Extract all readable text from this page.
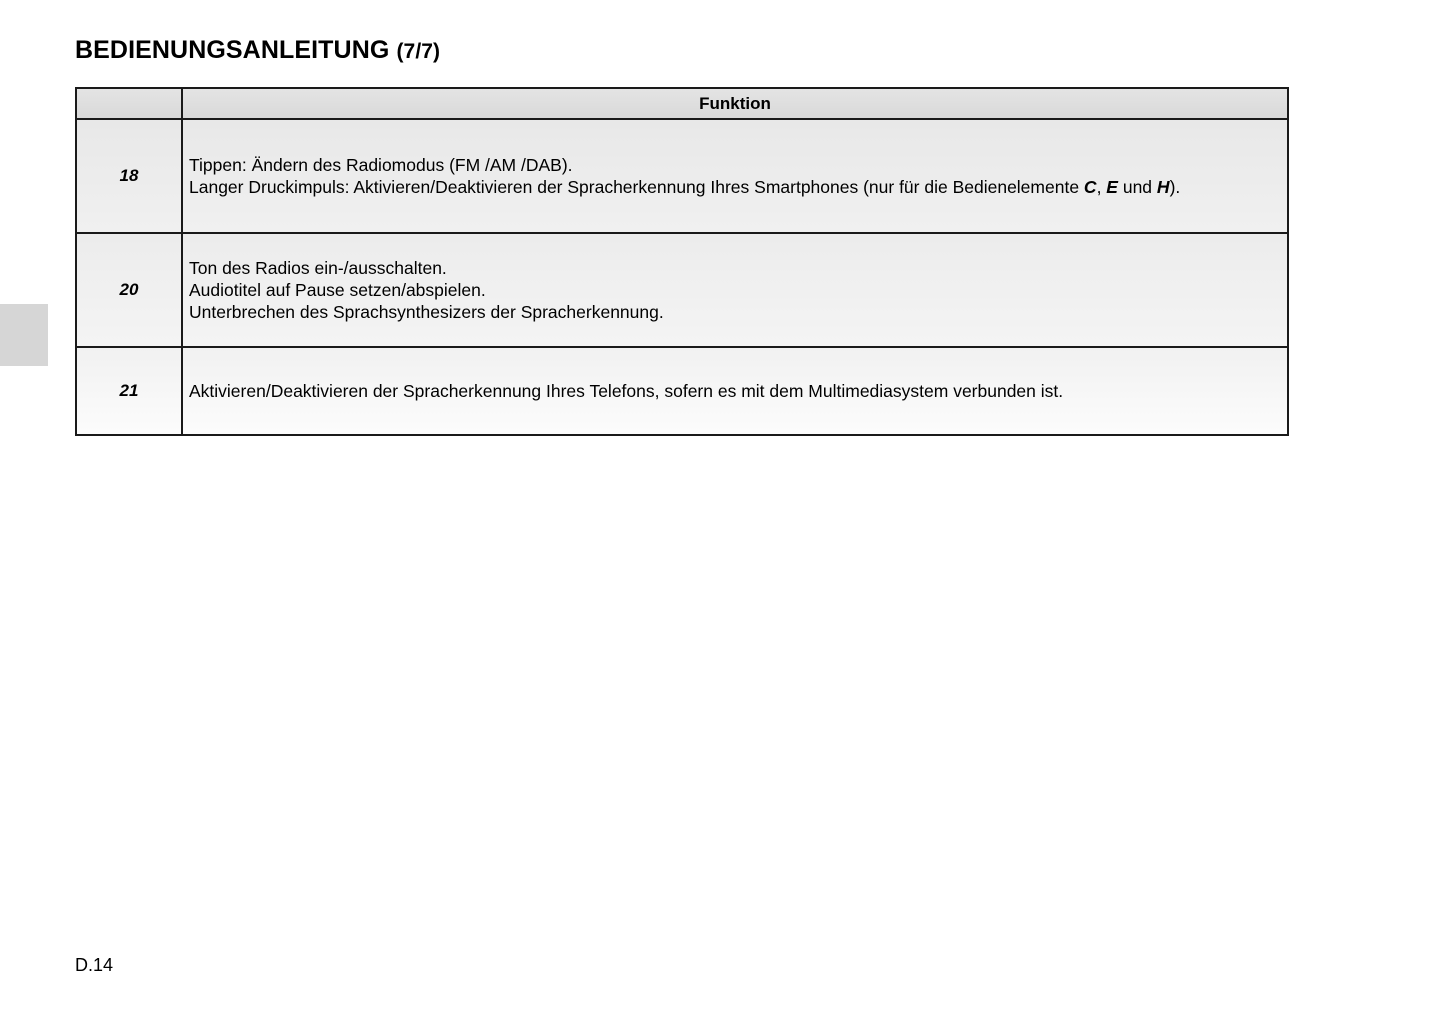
BEDIENUNGSANLEITUNG (7/7)
	Funktion
18	Tippen: Ändern des Radiomodus (FM /AM /DAB).
Langer Druckimpuls: Aktivieren/Deaktivieren der Spracherkennung Ihres Smartphones (nur für die Bedienelemente C, E und H).

20	Ton des Radios ein-/ausschalten.
Audiotitel auf Pause setzen/abspielen.
Unterbrechen des Sprachsynthesizers der Spracherkennung.

21	Aktivieren/Deaktivieren der Spracherkennung Ihres Telefons, sofern es mit dem Multimediasystem verbunden ist.
D.14
